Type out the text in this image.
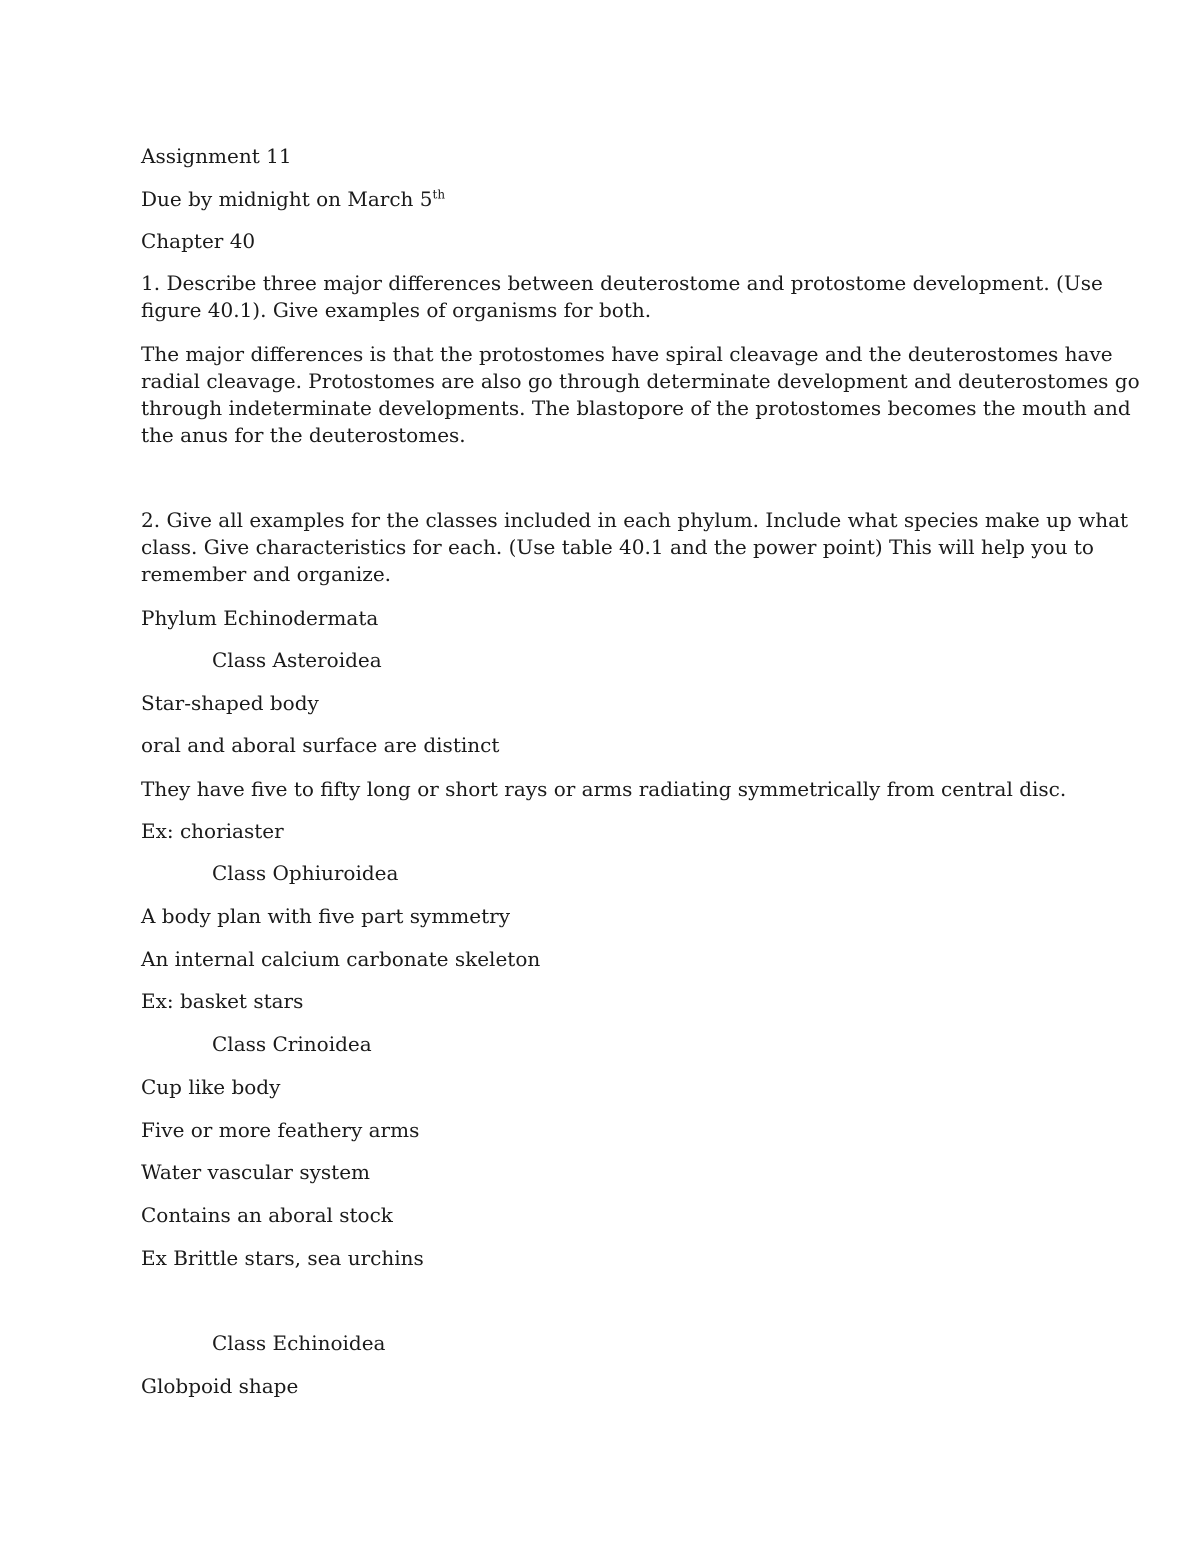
Assignment 11

Due by midnight on March 5th

Chapter 40

1. Describe three major differences between deuterostome and protostome development. (Use
figure 40.1). Give examples of organisms for both.
The major differences is that the protostomes have spiral cleavage and the deuterostomes have
radial cleavage. Protostomes are also go through determinate development and deuterostomes go
through indeterminate developments. The blastopore of the protostomes becomes the mouth and
the anus for the deuterostomes.
2. Give all examples for the classes included in each phylum. Include what species make up what
class. Give characteristics for each. (Use table 40.1 and the power point) This will help you to
remember and organize.

Phylum Echinodermata

Class Asteroidea

Star-shaped body

oral and aboral surface are distinct

They have five to fifty long or short rays or arms radiating symmetrically from central disc.

Ex: choriaster

Class Ophiuroidea

A body plan with five part symmetry

An internal calcium carbonate skeleton

Ex: basket stars

Class Crinoidea

Cup like body

Five or more feathery arms

Water vascular system

Contains an aboral stock

Ex Brittle stars, sea urchins

Class Echinoidea

Globpoid shape
